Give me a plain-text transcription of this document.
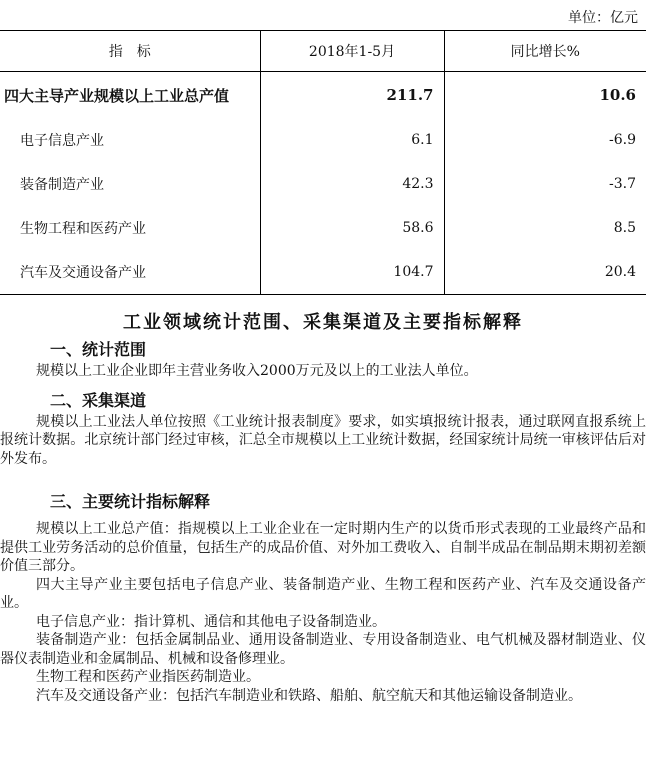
单位：亿元
指　标	2018年1-5月	同比增长%
四大主导产业规模以上工业总产值	211.7	10.6
电子信息产业	6.1	-6.9
装备制造产业	42.3	-3.7
生物工程和医药产业	58.6	8.5
汽车及交通设备产业	104.7	20.4
工业领域统计范围、采集渠道及主要指标解释
一、统计范围

规模以上工业企业即年主营业务收入2000万元及以上的工业法人单位。

二、采集渠道

规模以上工业法人单位按照《工业统计报表制度》要求，如实填报统计报表，通过联网直报系统上报统计数据。北京统计部门经过审核，汇总全市规模以上工业统计数据，经国家统计局统一审核评估后对外发布。

三、主要统计指标解释

规模以上工业总产值：指规模以上工业企业在一定时期内生产的以货币形式表现的工业最终产品和提供工业劳务活动的总价值量，包括生产的成品价值、对外加工费收入、自制半成品在制品期末期初差额价值三部分。

四大主导产业主要包括电子信息产业、装备制造产业、生物工程和医药产业、汽车及交通设备产业。

电子信息产业：指计算机、通信和其他电子设备制造业。

装备制造产业：包括金属制品业、通用设备制造业、专用设备制造业、电气机械及器材制造业、仪器仪表制造业和金属制品、机械和设备修理业。

生物工程和医药产业指医药制造业。

汽车及交通设备产业：包括汽车制造业和铁路、船舶、航空航天和其他运输设备制造业。
